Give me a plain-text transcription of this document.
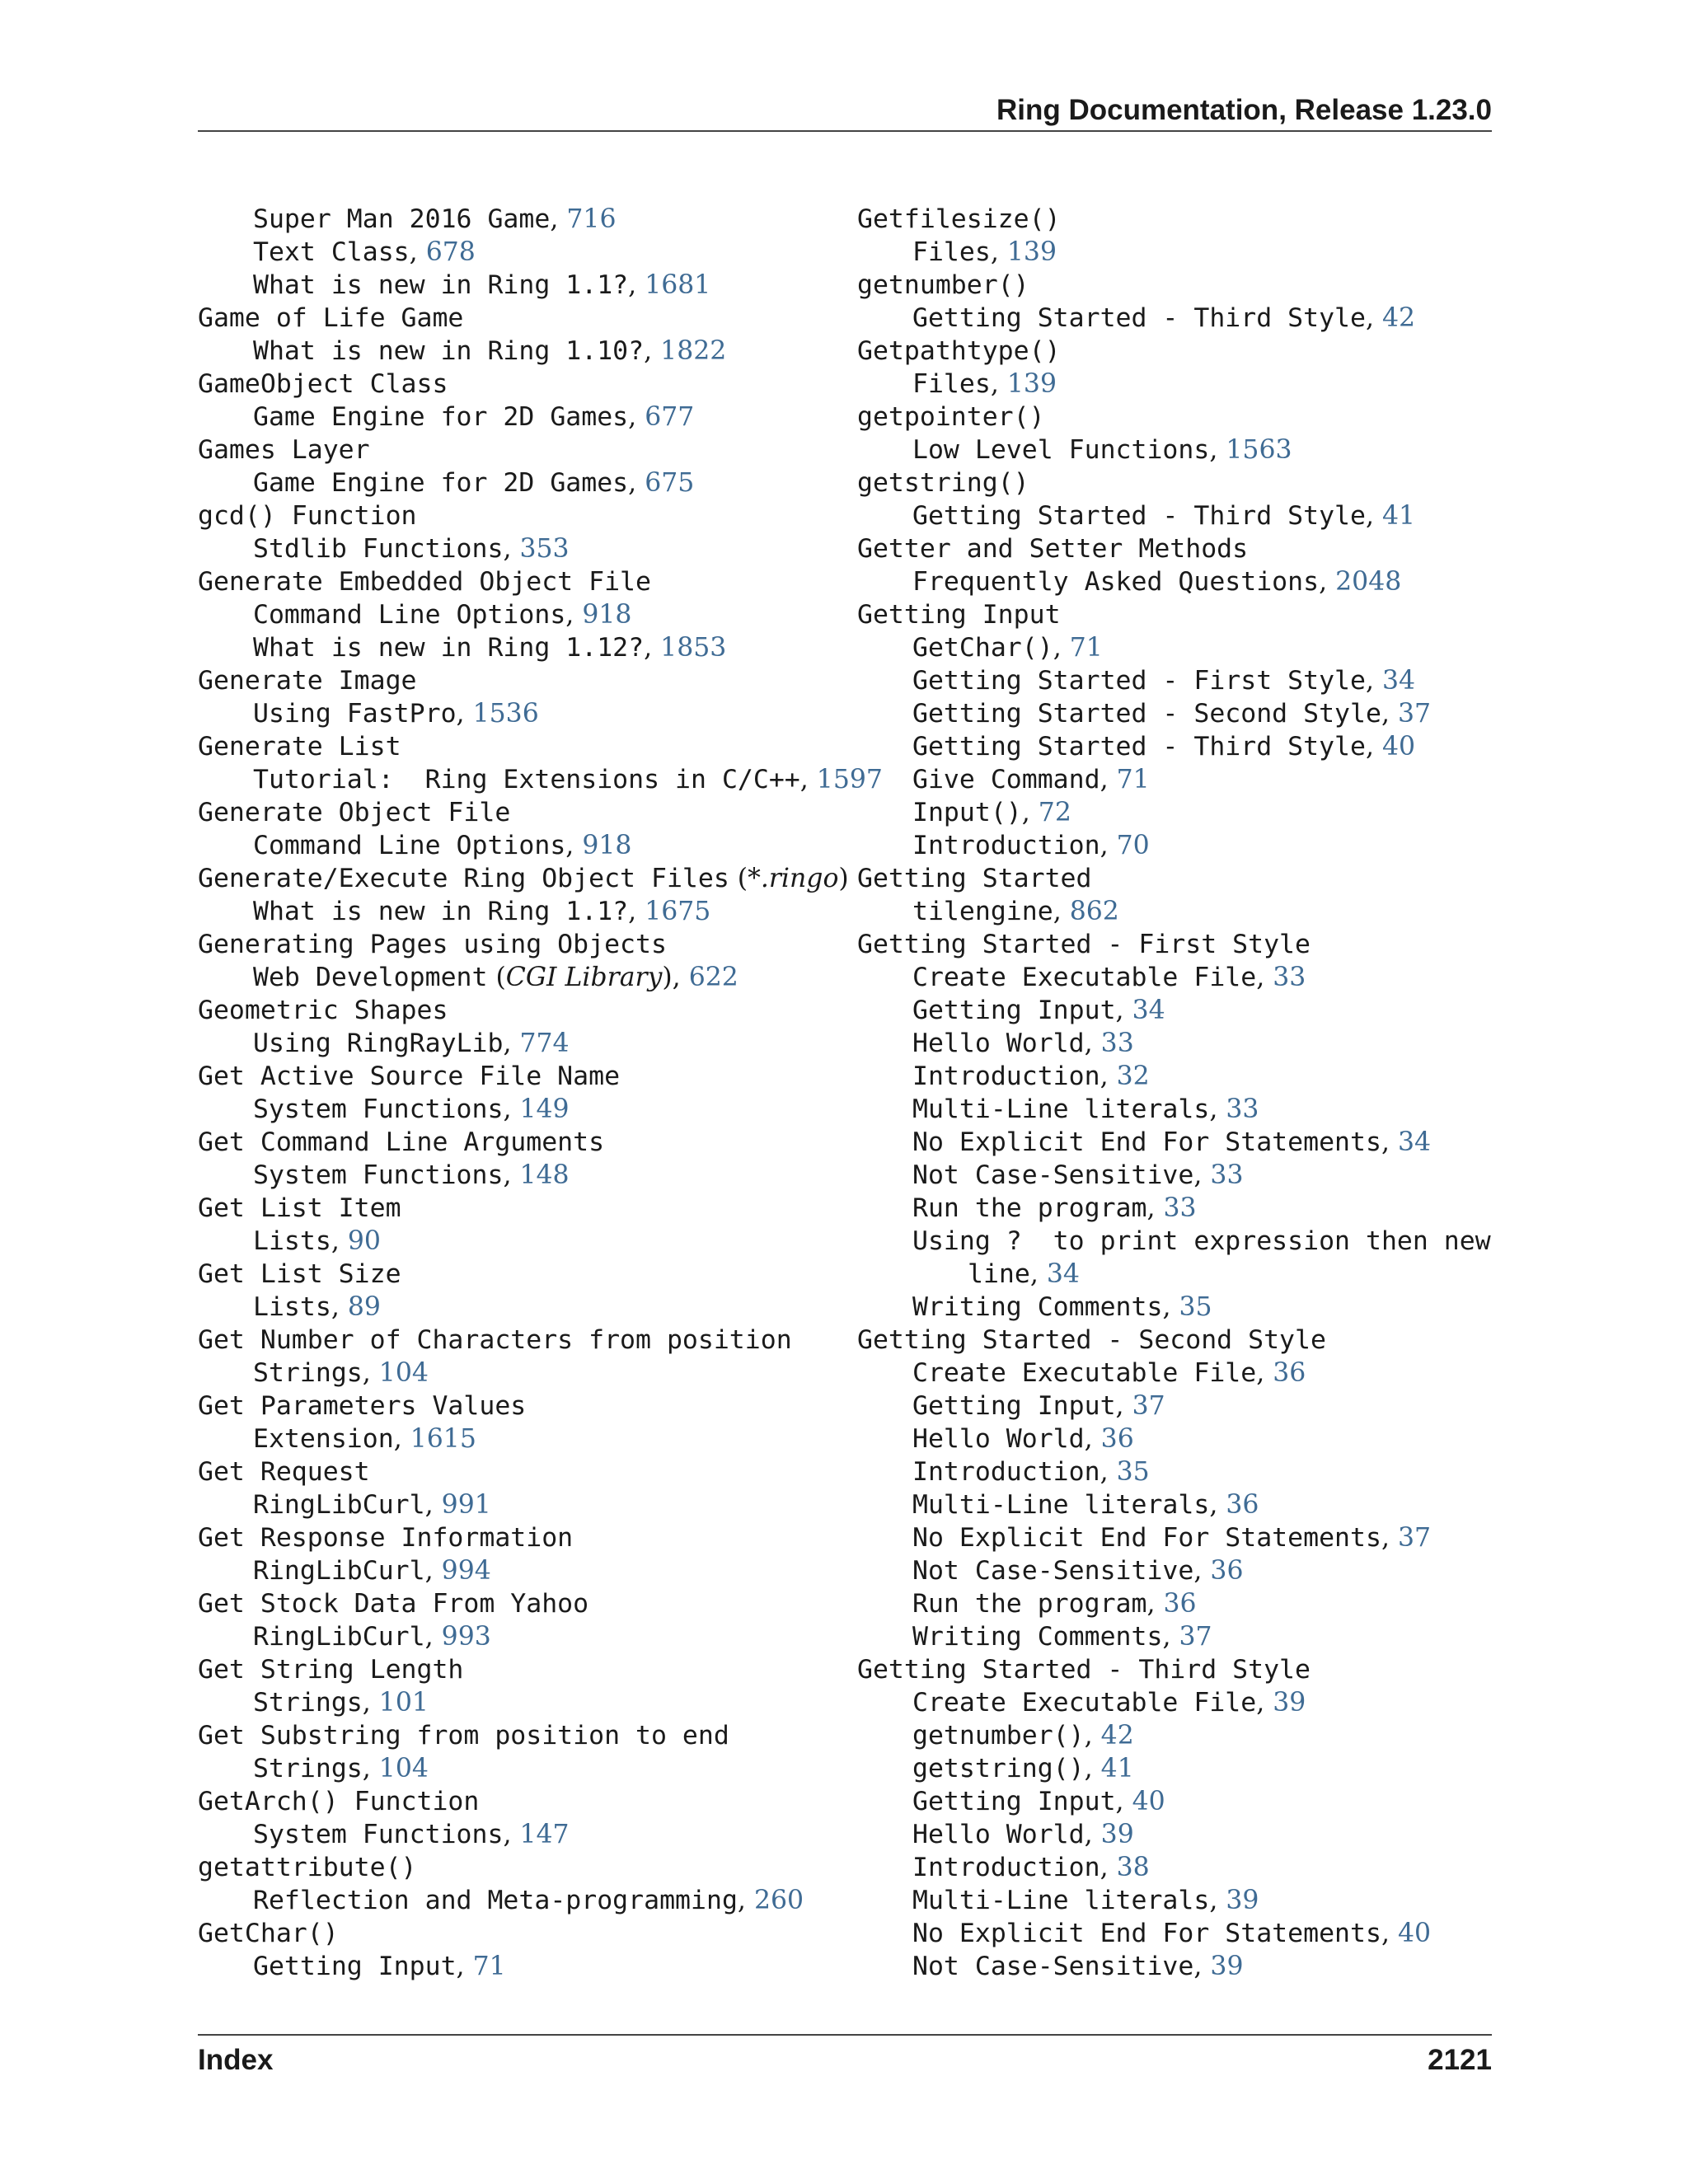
Ring Documentation, Release 1.23.0
Super Man 2016 Game, 716
Text Class, 678
What is new in Ring 1.1?, 1681
Game of Life Game
What is new in Ring 1.10?, 1822
GameObject Class
Game Engine for 2D Games, 677
Games Layer
Game Engine for 2D Games, 675
gcd() Function
Stdlib Functions, 353
Generate Embedded Object File
Command Line Options, 918
What is new in Ring 1.12?, 1853
Generate Image
Using FastPro, 1536
Generate List
Tutorial:  Ring Extensions in C/C++, 1597
Generate Object File
Command Line Options, 918
Generate/Execute Ring Object Files (*.ringo)
What is new in Ring 1.1?, 1675
Generating Pages using Objects
Web Development (CGI Library), 622
Geometric Shapes
Using RingRayLib, 774
Get Active Source File Name
System Functions, 149
Get Command Line Arguments
System Functions, 148
Get List Item
Lists, 90
Get List Size
Lists, 89
Get Number of Characters from position
Strings, 104
Get Parameters Values
Extension, 1615
Get Request
RingLibCurl, 991
Get Response Information
RingLibCurl, 994
Get Stock Data From Yahoo
RingLibCurl, 993
Get String Length
Strings, 101
Get Substring from position to end
Strings, 104
GetArch() Function
System Functions, 147
getattribute()
Reflection and Meta-programming, 260
GetChar()
Getting Input, 71
Getfilesize()
Files, 139
getnumber()
Getting Started - Third Style, 42
Getpathtype()
Files, 139
getpointer()
Low Level Functions, 1563
getstring()
Getting Started - Third Style, 41
Getter and Setter Methods
Frequently Asked Questions, 2048
Getting Input
GetChar(), 71
Getting Started - First Style, 34
Getting Started - Second Style, 37
Getting Started - Third Style, 40
Give Command, 71
Input(), 72
Introduction, 70
Getting Started
tilengine, 862
Getting Started - First Style
Create Executable File, 33
Getting Input, 34
Hello World, 33
Introduction, 32
Multi-Line literals, 33
No Explicit End For Statements, 34
Not Case-Sensitive, 33
Run the program, 33
Using ?  to print expression then new
line, 34
Writing Comments, 35
Getting Started - Second Style
Create Executable File, 36
Getting Input, 37
Hello World, 36
Introduction, 35
Multi-Line literals, 36
No Explicit End For Statements, 37
Not Case-Sensitive, 36
Run the program, 36
Writing Comments, 37
Getting Started - Third Style
Create Executable File, 39
getnumber(), 42
getstring(), 41
Getting Input, 40
Hello World, 39
Introduction, 38
Multi-Line literals, 39
No Explicit End For Statements, 40
Not Case-Sensitive, 39
Index	2121
